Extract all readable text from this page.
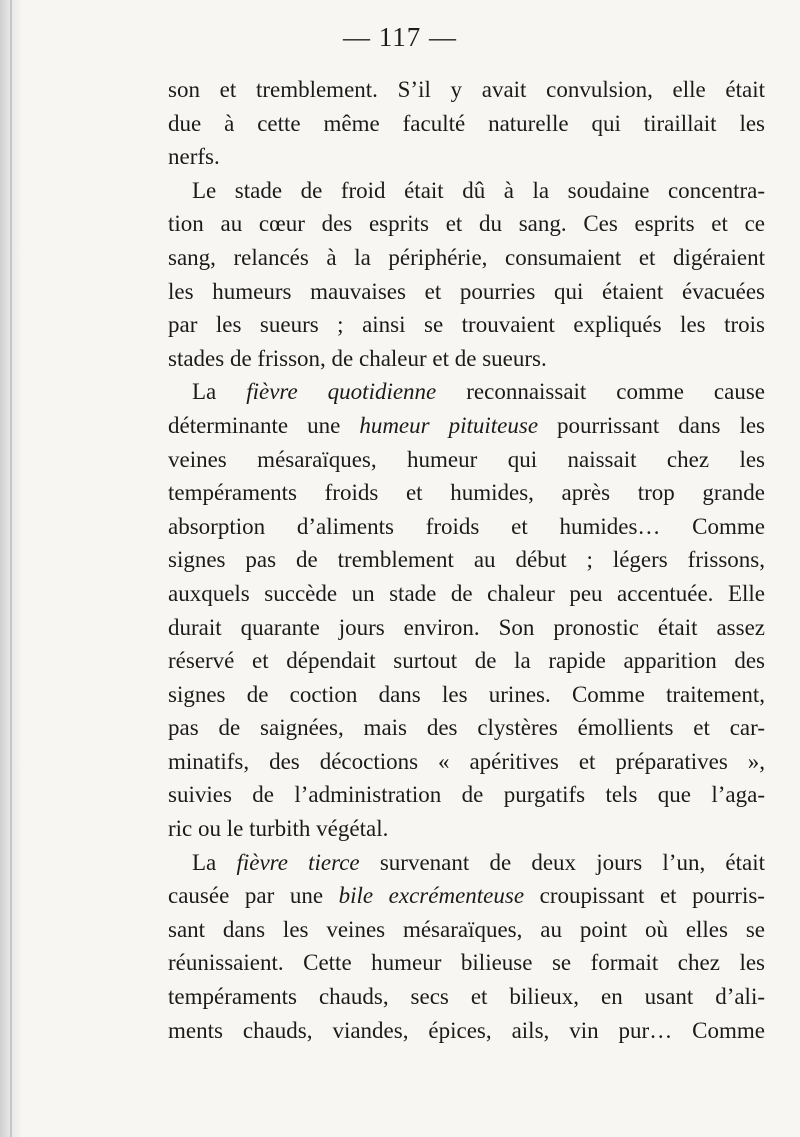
— 117 —
son et tremblement. S’il y avait convulsion, elle était
due à cette même faculté naturelle qui tiraillait les
nerfs.
Le stade de froid était dû à la soudaine concentra-
tion au cœur des esprits et du sang. Ces esprits et ce
sang, relancés à la périphérie, consumaient et digéraient
les humeurs mauvaises et pourries qui étaient évacuées
par les sueurs ; ainsi se trouvaient expliqués les trois
stades de frisson, de chaleur et de sueurs.
La fièvre quotidienne reconnaissait comme cause
déterminante une humeur pituiteuse pourrissant dans les
veines mésaraïques, humeur qui naissait chez les
tempéraments froids et humides, après trop grande
absorption d’aliments froids et humides… Comme
signes pas de tremblement au début ; légers frissons,
auxquels succède un stade de chaleur peu accentuée. Elle
durait quarante jours environ. Son pronostic était assez
réservé et dépendait surtout de la rapide apparition des
signes de coction dans les urines. Comme traitement,
pas de saignées, mais des clystères émollients et car-
minatifs, des décoctions « apéritives et préparatives »,
suivies de l’administration de purgatifs tels que l’aga-
ric ou le turbith végétal.
La fièvre tierce survenant de deux jours l’un, était
causée par une bile excrémenteuse croupissant et pourris-
sant dans les veines mésaraïques, au point où elles se
réunissaient. Cette humeur bilieuse se formait chez les
tempéraments chauds, secs et bilieux, en usant d’ali-
ments chauds, viandes, épices, ails, vin pur… Comme
